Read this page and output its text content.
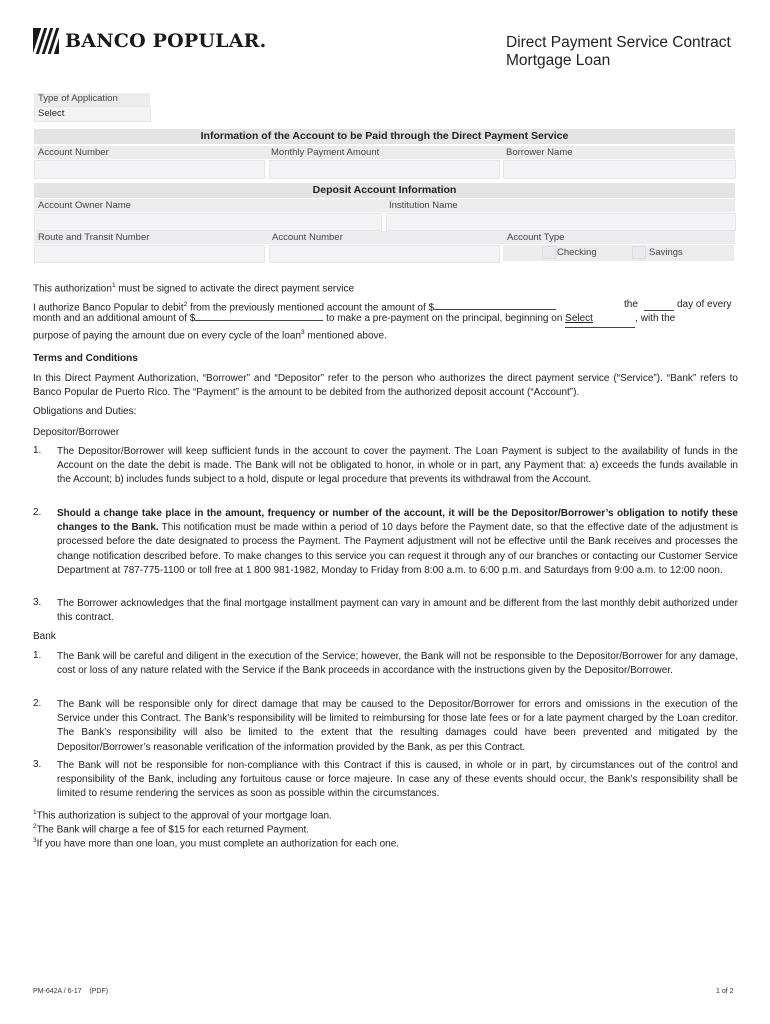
BANCO POPULAR.	Direct Payment Service Contract
Mortgage Loan
Type of Application
Select
Information of the Account to be Paid through the Direct Payment Service
Account Number	Monthly Payment Amount	Borrower Name
Deposit Account Information
Account Owner Name	Institution Name
Route and Transit Number	Account Number	Account Type
Checking	Savings
This authorization$^1$ must be signed to activate the direct payment service
I authorize Banco Popular to debit$^2$ from the previously mentioned account the amount of $	the	day of every
month and an additional amount of $	to make a pre-payment on the principal, beginning on Select	, with the
purpose of paying the amount due on every cycle of the loan$^3$ mentioned above.
Terms and Conditions
In this Direct Payment Authorization, “Borrower” and “Depositor” refer to the person who authorizes the direct payment service (“Service”). “Bank” refers to Banco Popular de Puerto Rico. The “Payment” is the amount to be debited from the authorized deposit account (“Account”).
Obligations and Duties:
Depositor/Borrower
1. The Depositor/Borrower will keep sufficient funds in the account to cover the payment. The Loan Payment is subject to the availability of funds in the Account on the date the debit is made. The Bank will not be obligated to honor, in whole or in part, any Payment that: a) exceeds the funds available in the Account; b) includes funds subject to a hold, dispute or legal procedure that prevents its withdrawal from the Account.
2. Should a change take place in the amount, frequency or number of the account, it will be the Depositor/Borrower’s obligation to notify these changes to the Bank. This notification must be made within a period of 10 days before the Payment date, so that the effective date of the adjustment is processed before the date designated to process the Payment. The Payment adjustment will not be effective until the Bank receives and processes the change notification described before. To make changes to this service you can request it through any of our branches or contacting our Customer Service Department at 787-775-1100 or toll free at 1 800 981-1982, Monday to Friday from 8:00 a.m. to 6:00 p.m. and Saturdays from 9:00 a.m. to 12:00 noon.
3. The Borrower acknowledges that the final mortgage installment payment can vary in amount and be different from the last monthly debit authorized under this contract.
Bank
1. The Bank will be careful and diligent in the execution of the Service; however, the Bank will not be responsible to the Depositor/Borrower for any damage, cost or loss of any nature related with the Service if the Bank proceeds in accordance with the instructions given by the Depositor/Borrower.
2. The Bank will be responsible only for direct damage that may be caused to the Depositor/Borrower for errors and omissions in the execution of the Service under this Contract. The Bank’s responsibility will be limited to reimbursing for those late fees or for a late payment charged by the Loan creditor. The Bank’s responsibility will also be limited to the extent that the resulting damages could have been prevented and mitigated by the Depositor/Borrower’s reasonable verification of the information provided by the Bank, as per this Contract.
3. The Bank will not be responsible for non-compliance with this Contract if this is caused, in whole or in part, by circumstances out of the control and responsibility of the Bank, including any fortuitous cause or force majeure. In case any of these events should occur, the Bank’s responsibility shall be limited to resume rendering the services as soon as possible within the circumstances.
$^1$This authorization is subject to the approval of your mortgage loan.
$^2$The Bank will charge a fee of $15 for each returned Payment.
$^3$If you have more than one loan, you must complete an authorization for each one.
PM-642A / 6-17    (PDF)	1 of 2
